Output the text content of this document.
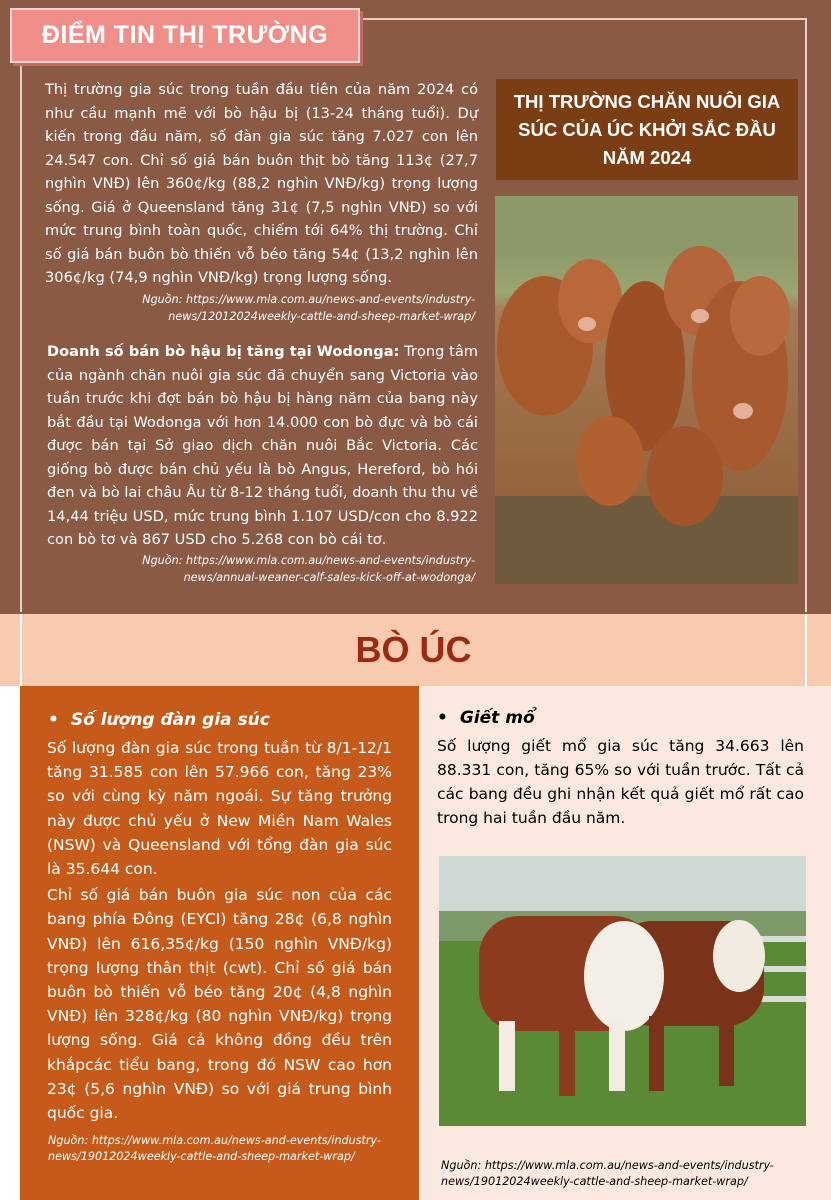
ĐIỂM TIN THỊ TRƯỜNG
Thị trường gia súc trong tuần đầu tiên của năm 2024 có như cầu mạnh mẽ với bò hậu bị (13-24 tháng tuổi). Dự kiến trong đầu năm, số đàn gia súc tăng 7.027 con lên 24.547 con. Chỉ số giá bán buôn thịt bò tăng 113¢ (27,7 nghìn VNĐ) lên 360¢/kg (88,2 nghìn VNĐ/kg) trọng lượng sống. Giá ở Queensland tăng 31¢ (7,5 nghìn VNĐ) so với mức trung bình toàn quốc, chiếm tới 64% thị trường. Chỉ số giá bán buôn bò thiến vỗ béo tăng 54¢ (13,2 nghìn lên 306¢/kg (74,9 nghìn VNĐ/kg) trọng lượng sống.
Nguồn: https://www.mla.com.au/news-and-events/industry-news/12012024weekly-cattle-and-sheep-market-wrap/
Doanh số bán bò hậu bị tăng tại Wodonga: Trọng tâm của ngành chăn nuôi gia súc đã chuyển sang Victoria vào tuần trước khi đợt bán bò hậu bị hàng năm của bang này bắt đầu tại Wodonga với hơn 14.000 con bò đực và bò cái được bán tại Sở giao dịch chăn nuôi Bắc Victoria. Các giống bò được bán chủ yếu là bò Angus, Hereford, bò hói đen và bò lai châu Âu từ 8-12 tháng tuổi, doanh thu thu về 14,44 triệu USD, mức trung bình 1.107 USD/con cho 8.922 con bò tơ và 867 USD cho 5.268 con bò cái tơ.
Nguồn: https://www.mla.com.au/news-and-events/industry-news/annual-weaner-calf-sales-kick-off-at-wodonga/
THỊ TRƯỜNG CHĂN NUÔI GIA SÚC CỦA ÚC KHỞI SẮC ĐẦU NĂM 2024
BÒ ÚC
• Số lượng đàn gia súc

Số lượng đàn gia súc trong tuần từ 8/1-12/1 tăng 31.585 con lên 57.966 con, tăng 23% so với cùng kỳ năm ngoái. Sự tăng trưởng này được chủ yếu ở New Miền Nam Wales (NSW) và Queensland với tổng đàn gia súc là 35.644 con.

Chỉ số giá bán buôn gia súc non của các bang phía Đông (EYCI) tăng 28¢ (6,8 nghìn VNĐ) lên 616,35¢/kg (150 nghìn VNĐ/kg) trọng lượng thân thịt (cwt). Chỉ số giá bán buôn bò thiến vỗ béo tăng 20¢ (4,8 nghìn VNĐ) lên 328¢/kg (80 nghìn VNĐ/kg) trọng lượng sống. Giá cả không đồng đều trên khắpcác tiểu bang, trong đó NSW cao hơn 23¢ (5,6 nghìn VNĐ) so với giá trung bình quốc gia.

Nguồn: https://www.mla.com.au/news-and-events/industry-news/19012024weekly-cattle-and-sheep-market-wrap/
• Giết mổ
Số lượng giết mổ gia súc tăng 34.663 lên 88.331 con, tăng 65% so với tuần trước. Tất cả các bang đều ghi nhận kết quả giết mổ rất cao trong hai tuần đầu năm.
Nguồn: https://www.mla.com.au/news-and-events/industry-news/19012024weekly-cattle-and-sheep-market-wrap/
